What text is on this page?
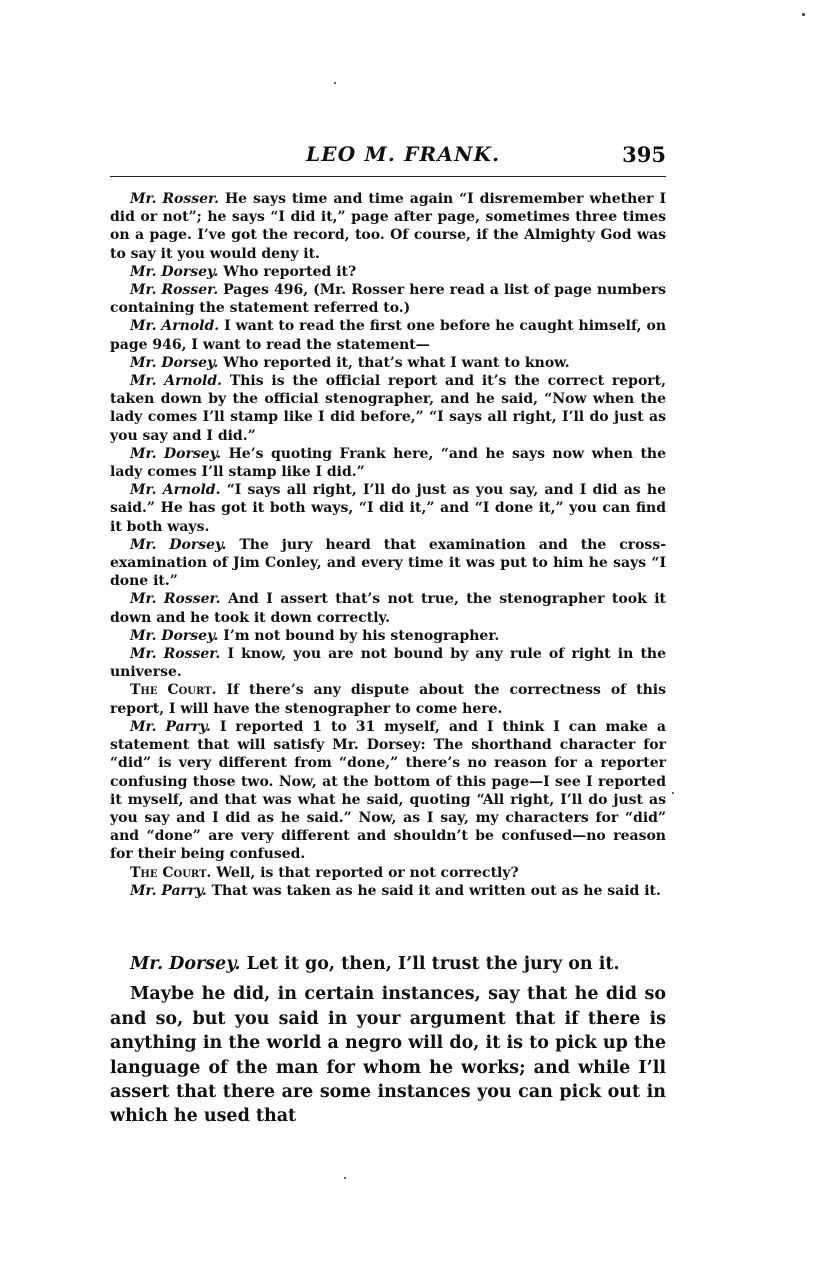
LEO M. FRANK.	395

Mr. Rosser. He says time and time again “I disremember whether I did or not”; he says “I did it,” page after page, sometimes three times on a page. I’ve got the record, too. Of course, if the Almighty God was to say it you would deny it.

Mr. Dorsey. Who reported it?

Mr. Rosser. Pages 496, (Mr. Rosser here read a list of page numbers containing the statement referred to.)

Mr. Arnold. I want to read the first one before he caught himself, on page 946, I want to read the statement—

Mr. Dorsey. Who reported it, that’s what I want to know.

Mr. Arnold. This is the official report and it’s the correct report, taken down by the official stenographer, and he said, “Now when the lady comes I’ll stamp like I did before,” “I says all right, I’ll do just as you say and I did.”

Mr. Dorsey. He’s quoting Frank here, “and he says now when the lady comes I’ll stamp like I did.”

Mr. Arnold. “I says all right, I’ll do just as you say, and I did as he said.” He has got it both ways, “I did it,” and “I done it,” you can find it both ways.

Mr. Dorsey. The jury heard that examination and the cross-examination of Jim Conley, and every time it was put to him he says “I done it.”

Mr. Rosser. And I assert that’s not true, the stenographer took it down and he took it down correctly.

Mr. Dorsey. I’m not bound by his stenographer.

Mr. Rosser. I know, you are not bound by any rule of right in the universe.

The Court. If there’s any dispute about the correctness of this report, I will have the stenographer to come here.

Mr. Parry. I reported 1 to 31 myself, and I think I can make a statement that will satisfy Mr. Dorsey: The shorthand character for “did” is very different from “done,” there’s no reason for a reporter confusing those two. Now, at the bottom of this page—I see I reported it myself, and that was what he said, quoting “All right, I’ll do just as you say and I did as he said.” Now, as I say, my characters for “did” and “done” are very different and shouldn’t be confused—no reason for their being confused.

The Court. Well, is that reported or not correctly?

Mr. Parry. That was taken as he said it and written out as he said it.

Mr. Dorsey. Let it go, then, I’ll trust the jury on it.

Maybe he did, in certain instances, say that he did so and so, but you said in your argument that if there is anything in the world a negro will do, it is to pick up the language of the man for whom he works; and while I’ll assert that there are some instances you can pick out in which he used that
